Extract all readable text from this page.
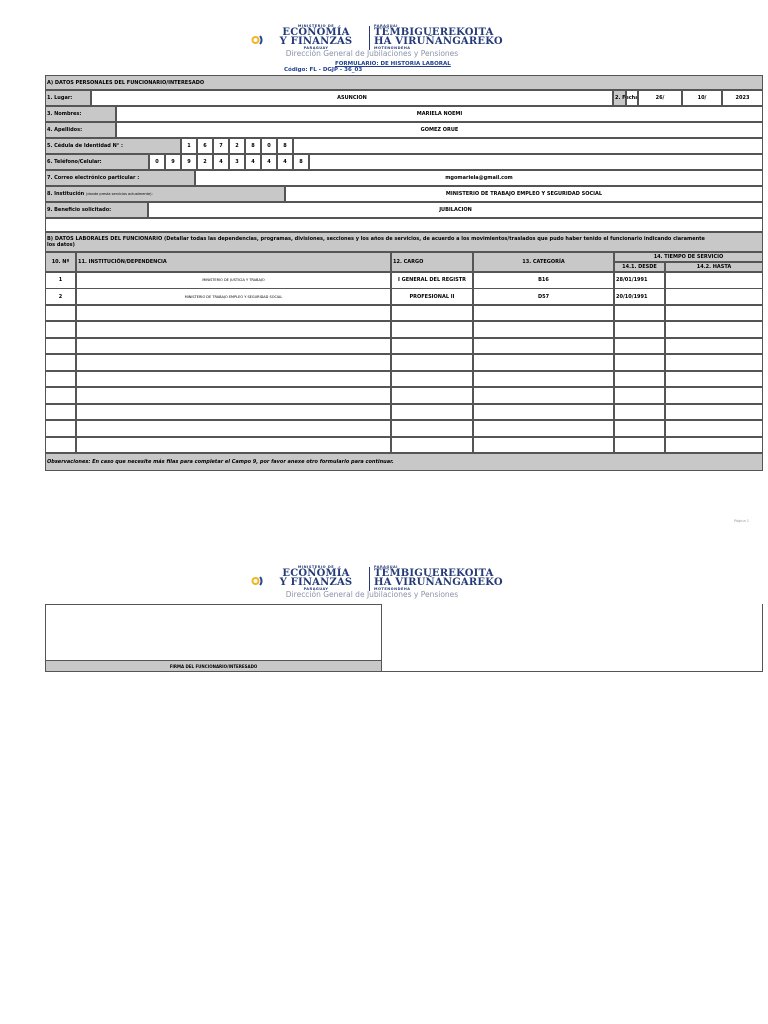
MINISTERIO DE
ECONOMÍA
Y FINANZAS
PARAGUAY
PARAGUAI
TEMBIGUEREKOITA
HA VIRUÑANGAREKO
MOTENONDEHA
Dirección General de Jubilaciones y Pensiones
FORMULARIO: DE HISTORIA LABORAL
Código: FL - DGJP - 36_03
A) DATOS PERSONALES DEL FUNCIONARIO/INTERESADO
1. Lugar:	ASUNCION	2. Fecha	26/	10/	2023
3. Nombres:	MARIELA NOEMI
4. Apellidos:	GOMEZ ORUE
5. Cédula de Identidad N° :	1	6	7	2	8	0	8
6. Teléfono/Celular:	0	9	9	2	4	3	4	4	4	8
7. Correo electrónico particular :	mgomariela@gmail.com
8. Institución
(donde presta servicios actualmente):	MINISTERIO DE TRABAJO EMPLEO Y SEGURIDAD SOCIAL
9. Beneficio solicitado:	JUBILACION
B) DATOS LABORALES DEL FUNCIONARIO (Detallar todas las dependencias, programas, divisiones, secciones y los años de servicios, de acuerdo a los movimientos/traslados que pudo haber tenido el funcionario indicando claramente
los datos)
10. Nº	11. INSTITUCIÓN/DEPENDENCIA	12. CARGO	13. CATEGORÍA
14. TIEMPO DE SERVICIO
14.1. DESDE	14.2. HASTA
1	MINISTERIO DE JUSTICIA Y TRABAJO	I GENERAL DEL REGISTR	B16	28/01/1991
2	MINISTERIO DE TRABAJO EMPLEO Y SEGURIDAD SOCIAL	PROFESIONAL II	D57	20/10/1991
Observaciones: En caso que necesite más filas para completar el Campo 9, por favor anexe otro formulario para continuar.
Página 1
MINISTERIO DE
ECONOMÍA
Y FINANZAS
PARAGUAY
PARAGUAI
TEMBIGUEREKOITA
HA VIRUÑANGAREKO
MOTENONDEHA
Dirección General de Jubilaciones y Pensiones
FIRMA DEL FUNCIONARIO/INTERESADO
